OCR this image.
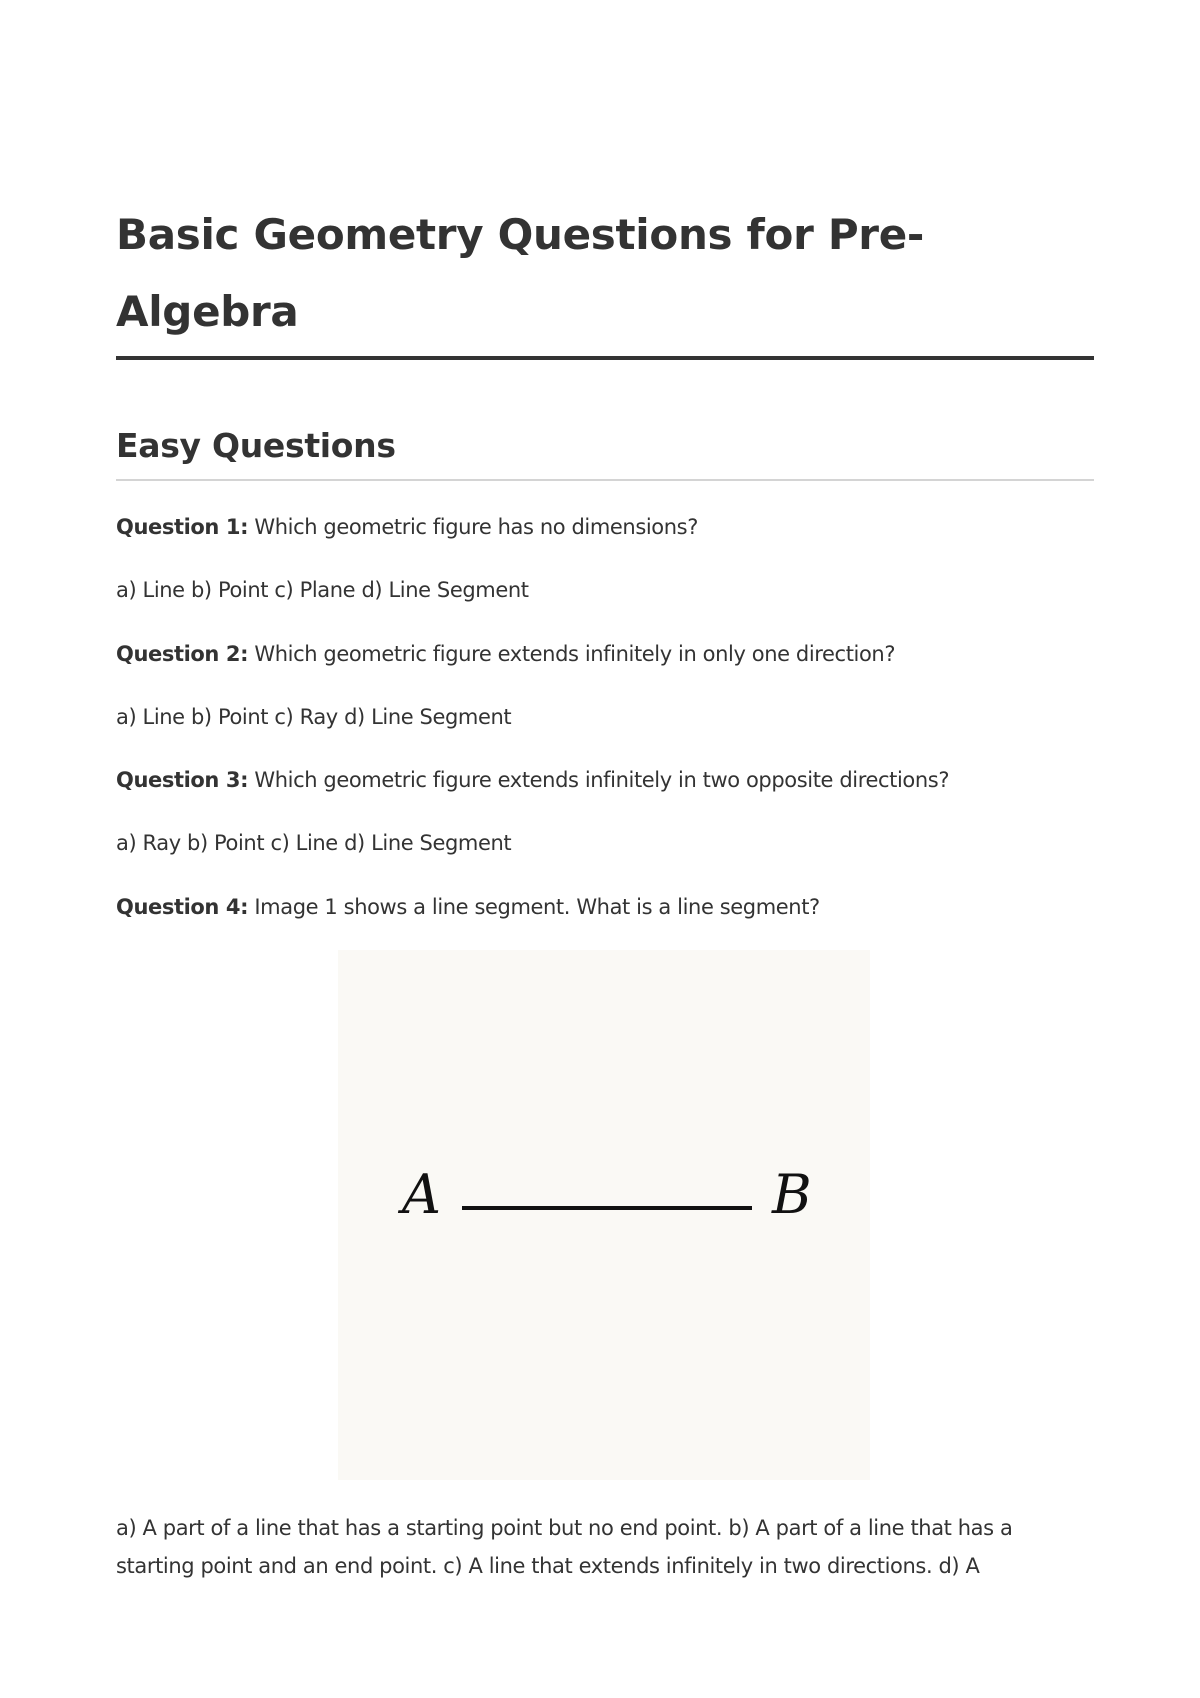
Basic Geometry Questions for Pre-Algebra
Easy Questions

Question 1: Which geometric figure has no dimensions?

a) Line b) Point c) Plane d) Line Segment

Question 2: Which geometric figure extends infinitely in only one direction?

a) Line b) Point c) Ray d) Line Segment

Question 3: Which geometric figure extends infinitely in two opposite directions?

a) Ray b) Point c) Line d) Line Segment

Question 4: Image 1 shows a line segment. What is a line segment?

A	B

a) A part of a line that has a starting point but no end point. b) A part of a line that has a starting point and an end point. c) A line that extends infinitely in two directions. d) A
